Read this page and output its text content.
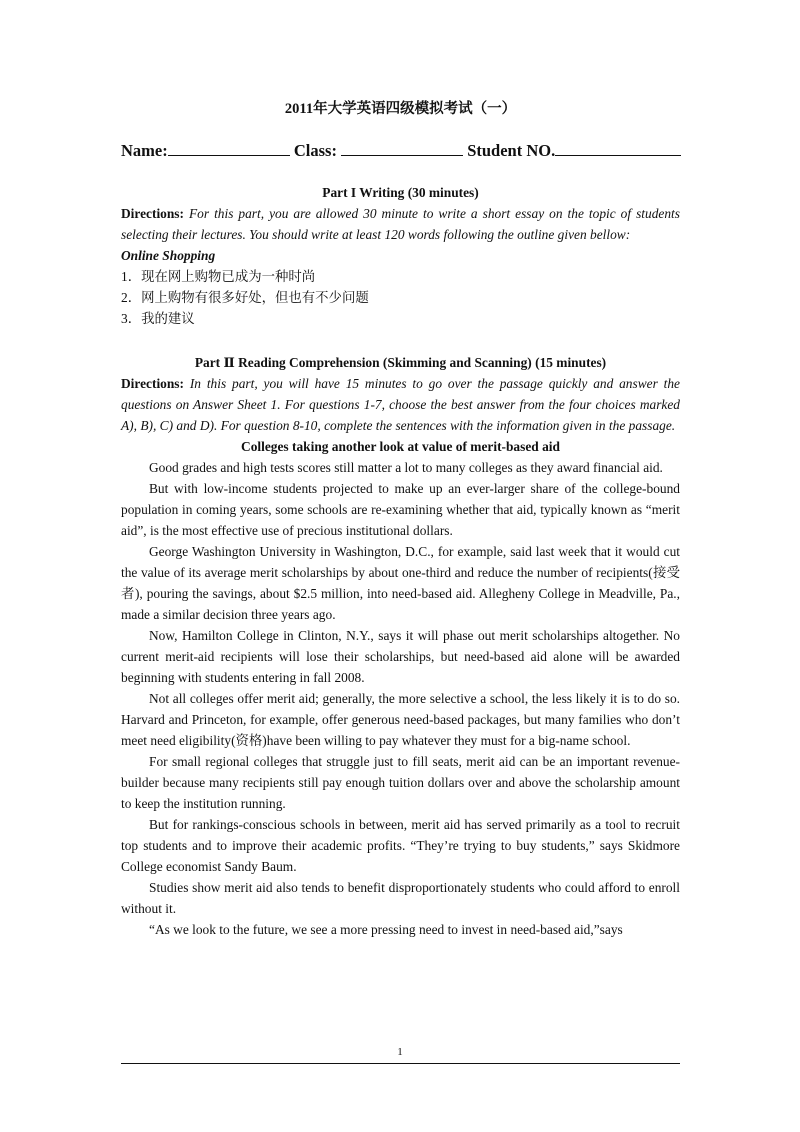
2011年大学英语四级模拟考试（一）

Name:	Class:	Student NO.

Part I Writing (30 minutes)

Directions: For this part, you are allowed 30 minute to write a short essay on the topic of students selecting their lectures. You should write at least 120 words following the outline given bellow:

Online Shopping

1．现在网上购物已成为一种时尚

2．网上购物有很多好处，但也有不少问题

3．我的建议

Part Ⅱ Reading Comprehension (Skimming and Scanning) (15 minutes)

Directions: In this part, you will have 15 minutes to go over the passage quickly and answer the questions on Answer Sheet 1. For questions 1-7, choose the best answer from the four choices marked A), B), C) and D). For question 8-10, complete the sentences with the information given in the passage.

Colleges taking another look at value of merit-based aid

Good grades and high tests scores still matter a lot to many colleges as they award financial aid.

But with low-income students projected to make up an ever-larger share of the college-bound population in coming years, some schools are re-examining whether that aid, typically known as “merit aid”, is the most effective use of precious institutional dollars.

George Washington University in Washington, D.C., for example, said last week that it would cut the value of its average merit scholarships by about one-third and reduce the number of recipients(接受者), pouring the savings, about $2.5 million, into need-based aid. Allegheny College in Meadville, Pa., made a similar decision three years ago.

Now, Hamilton College in Clinton, N.Y., says it will phase out merit scholarships altogether. No current merit-aid recipients will lose their scholarships, but need-based aid alone will be awarded beginning with students entering in fall 2008.

Not all colleges offer merit aid; generally, the more selective a school, the less likely it is to do so. Harvard and Princeton, for example, offer generous need-based packages, but many families who don’t meet need eligibility(资格)have been willing to pay whatever they must for a big-name school.

For small regional colleges that struggle just to fill seats, merit aid can be an important revenue-builder because many recipients still pay enough tuition dollars over and above the scholarship amount to keep the institution running.

But for rankings-conscious schools in between, merit aid has served primarily as a tool to recruit top students and to improve their academic profits. “They’re trying to buy students,” says Skidmore College economist Sandy Baum.

Studies show merit aid also tends to benefit disproportionately students who could afford to enroll without it.

“As we look to the future, we see a more pressing need to invest in need-based aid,”says

1
